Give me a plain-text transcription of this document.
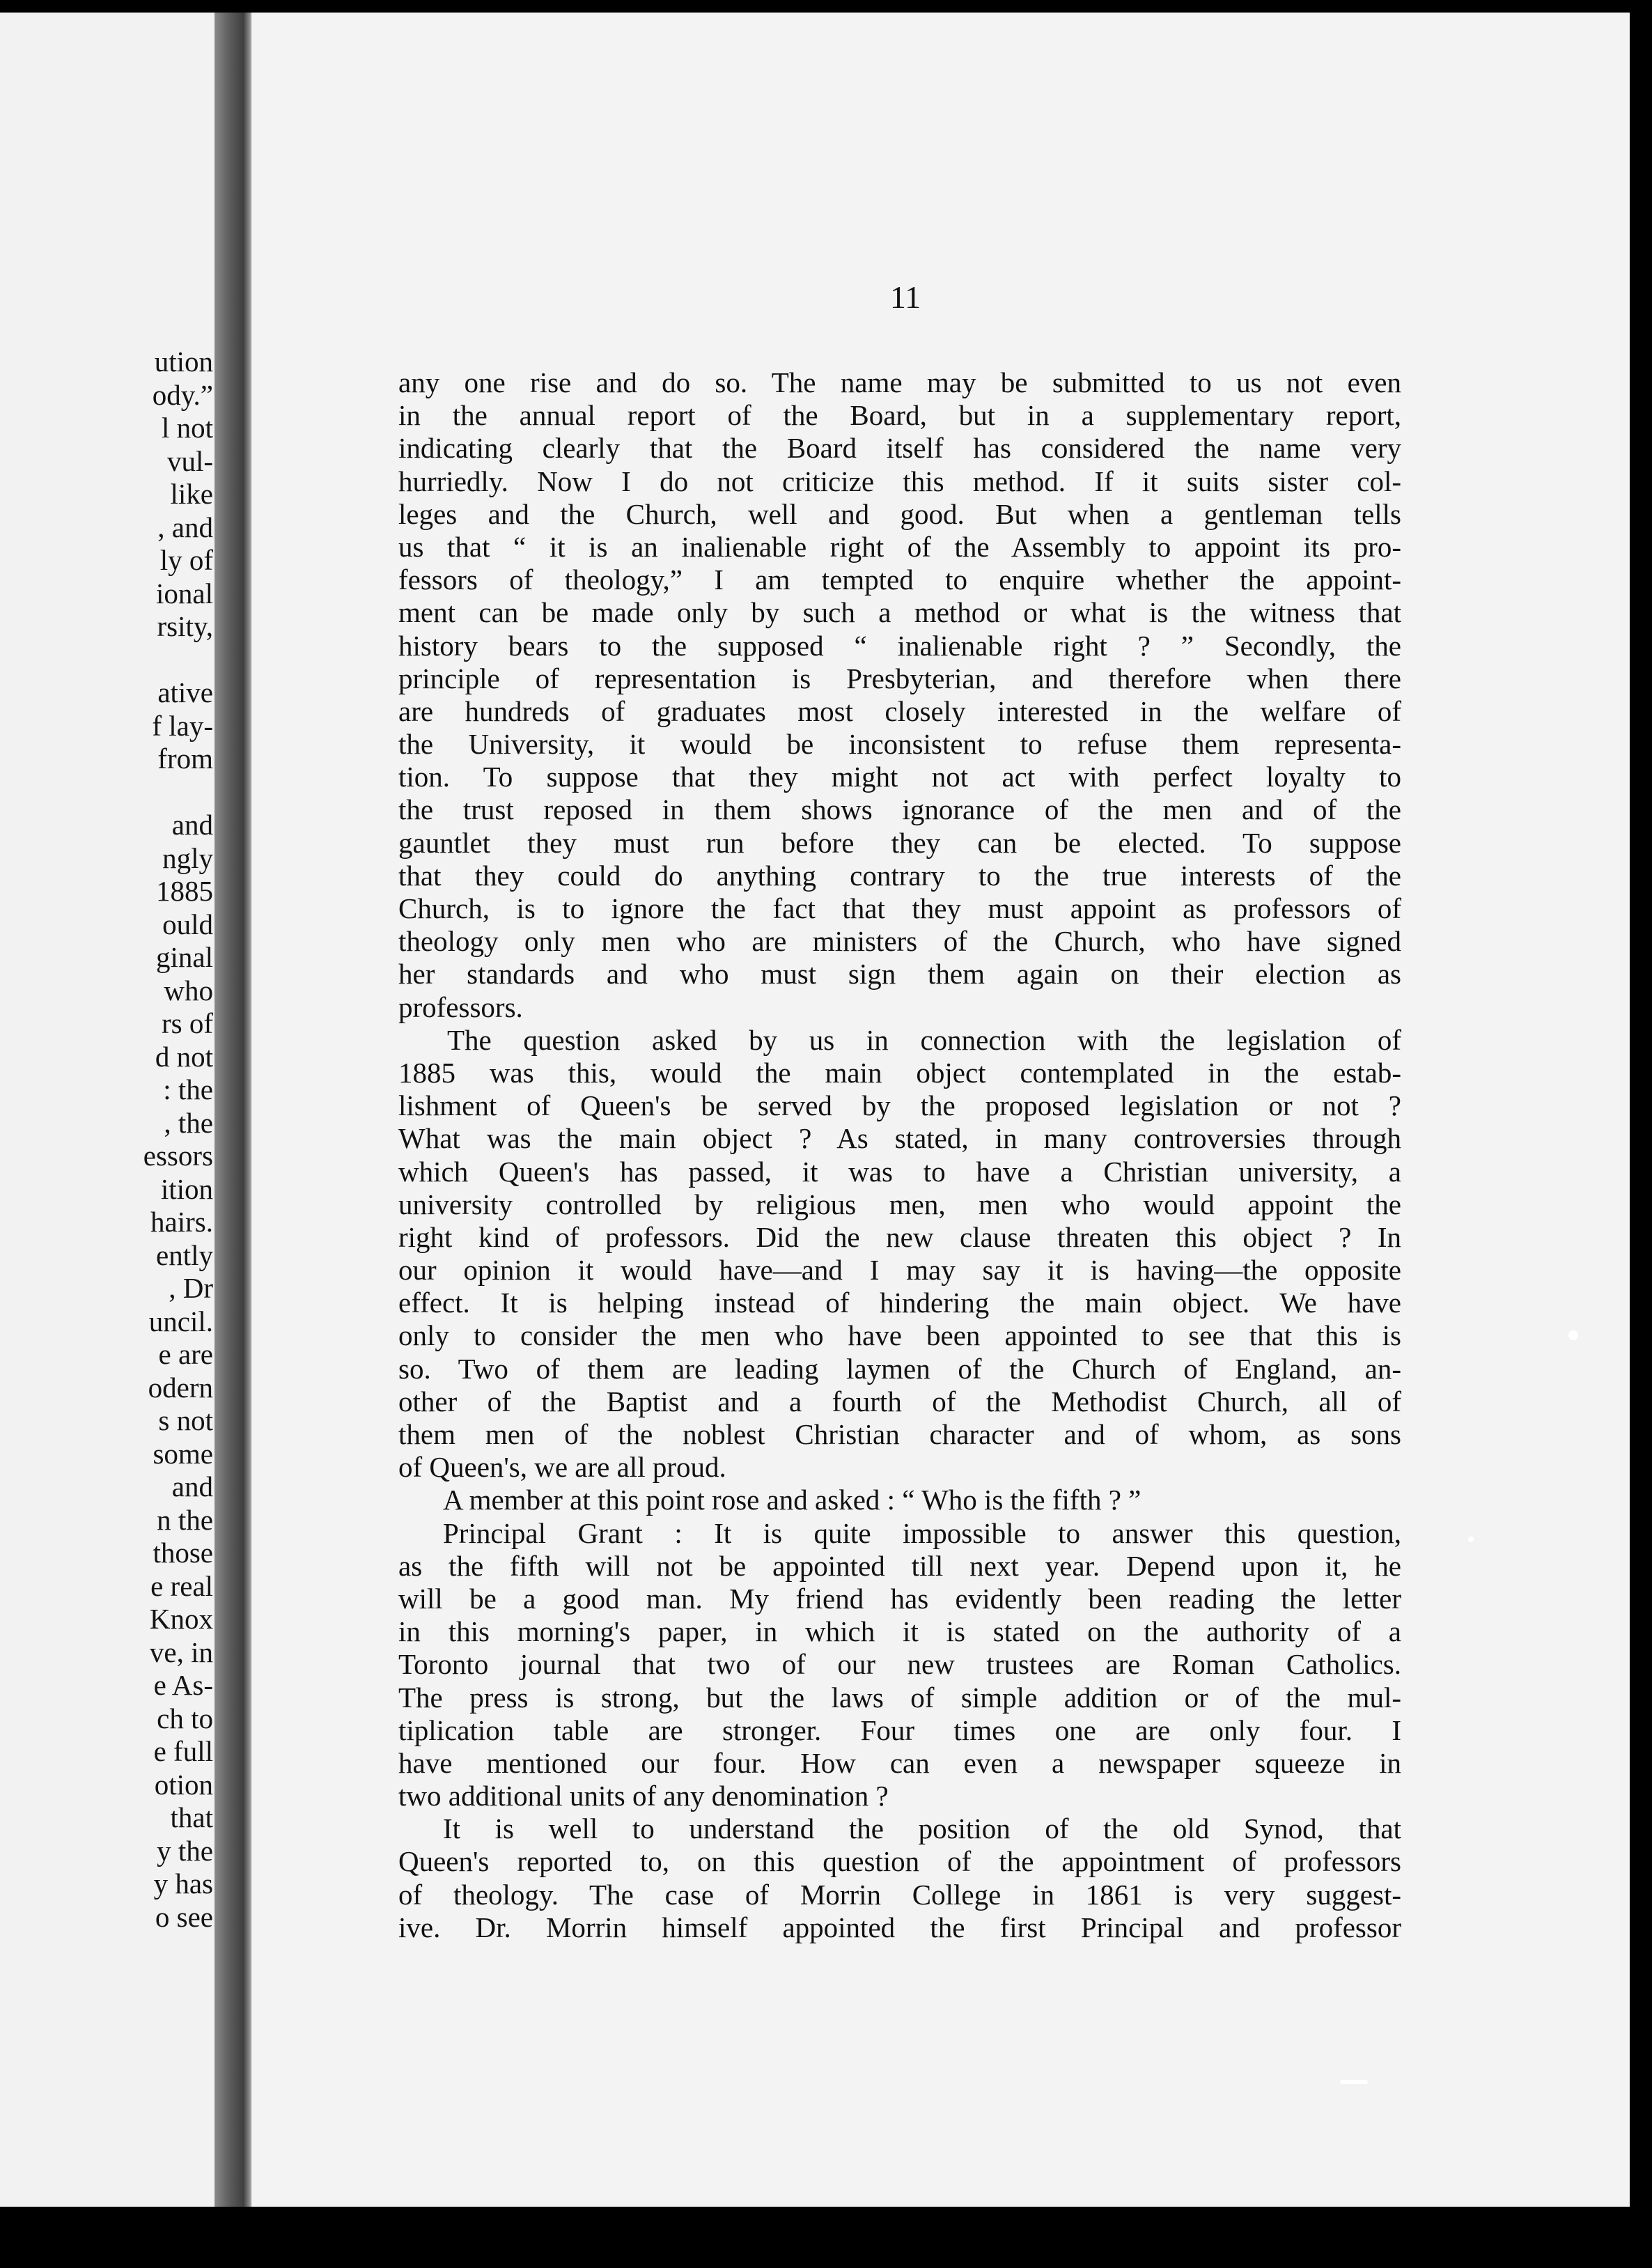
ution
ody.”
l not
vul-
like
, and
ly of
ional
rsity,
ative
f lay-
from
and
ngly
1885
ould
ginal
who
rs of
d not
: the
, the
essors
ition
hairs.
ently
, Dr
uncil.
e are
odern
s not
some
and
n the
those
e real
Knox
ve, in
e As-
ch to
e full
otion
that
y the
y has
o see
11
any one rise and do so. The name may be submitted to us not even
in the annual report of the Board, but in a supplementary report,
indicating clearly that the Board itself has considered the name very
hurriedly. Now I do not criticize this method. If it suits sister col-
leges and the Church, well and good. But when a gentleman tells
us that “ it is an inalienable right of the Assembly to appoint its pro-
fessors of theology,” I am tempted to enquire whether the appoint-
ment can be made only by such a method or what is the witness that
history bears to the supposed “ inalienable right ? ” Secondly, the
principle of representation is Presbyterian, and therefore when there
are hundreds of graduates most closely interested in the welfare of
the University, it would be inconsistent to refuse them representa-
tion. To suppose that they might not act with perfect loyalty to
the trust reposed in them shows ignorance of the men and of the
gauntlet they must run before they can be elected. To suppose
that they could do anything contrary to the true interests of the
Church, is to ignore the fact that they must appoint as professors of
theology only men who are ministers of the Church, who have signed
her standards and who must sign them again on their election as
professors.
The question asked by us in connection with the legislation of
1885 was this, would the main object contemplated in the estab-
lishment of Queen's be served by the proposed legislation or not ?
What was the main object ? As stated, in many controversies through
which Queen's has passed, it was to have a Christian university, a
university controlled by religious men, men who would appoint the
right kind of professors. Did the new clause threaten this object ? In
our opinion it would have—and I may say it is having—the opposite
effect. It is helping instead of hindering the main object. We have
only to consider the men who have been appointed to see that this is
so. Two of them are leading laymen of the Church of England, an-
other of the Baptist and a fourth of the Methodist Church, all of
them men of the noblest Christian character and of whom, as sons
of Queen's, we are all proud.
A member at this point rose and asked : “ Who is the fifth ? ”
Principal Grant : It is quite impossible to answer this question,
as the fifth will not be appointed till next year. Depend upon it, he
will be a good man. My friend has evidently been reading the letter
in this morning's paper, in which it is stated on the authority of a
Toronto journal that two of our new trustees are Roman Catholics.
The press is strong, but the laws of simple addition or of the mul-
tiplication table are stronger. Four times one are only four. I
have mentioned our four. How can even a newspaper squeeze in
two additional units of any denomination ?
It is well to understand the position of the old Synod, that
Queen's reported to, on this question of the appointment of professors
of theology. The case of Morrin College in 1861 is very suggest-
ive. Dr. Morrin himself appointed the first Principal and professor
